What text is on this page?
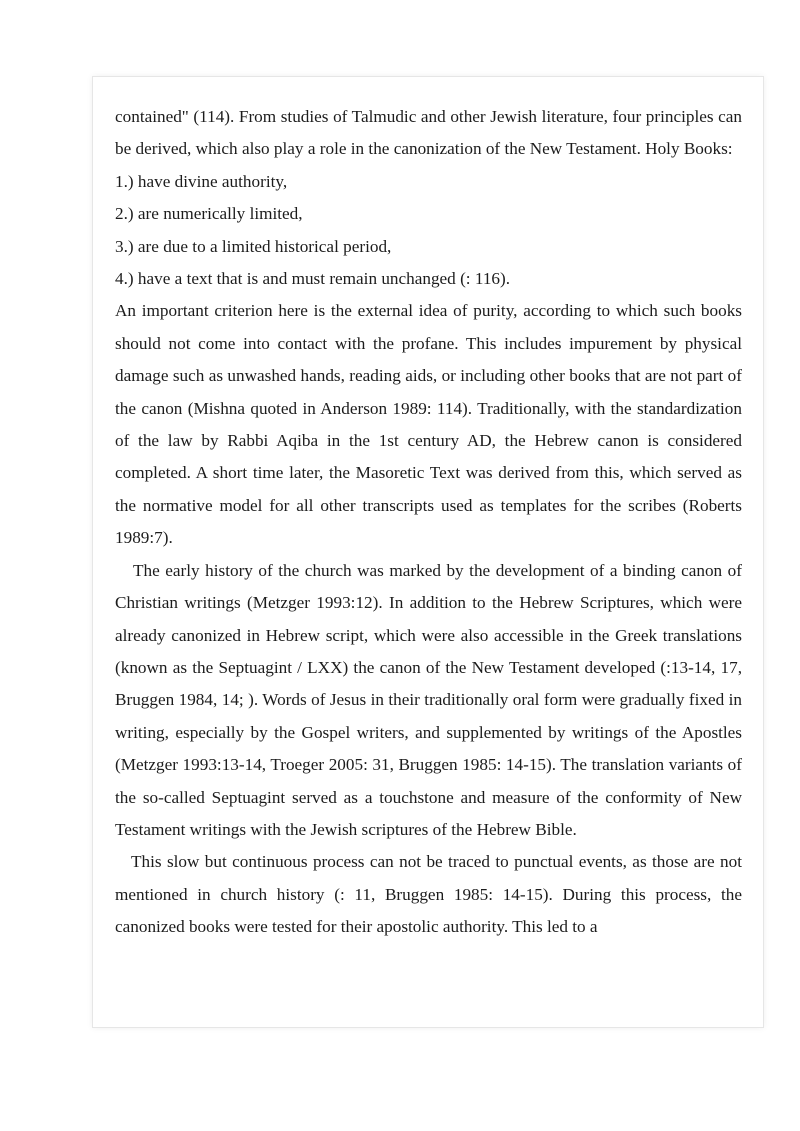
contained" (114). From studies of Talmudic and other Jewish literature, four principles can be derived, which also play a role in the canonization of the New Testament. Holy Books:

1.) have divine authority,

2.) are numerically limited,

3.) are due to a limited historical period,

4.) have a text that is and must remain unchanged (: 116).

An important criterion here is the external idea of purity, according to which such books should not come into contact with the profane. This includes impurement by physical damage such as unwashed hands, reading aids, or including other books that are not part of the canon (Mishna quoted in Anderson 1989: 114). Traditionally, with the standardization of the law by Rabbi Aqiba in the 1st century AD, the Hebrew canon is considered completed. A short time later, the Masoretic Text was derived from this, which served as the normative model for all other transcripts used as templates for the scribes (Roberts 1989:7).

The early history of the church was marked by the development of a binding canon of Christian writings (Metzger 1993:12). In addition to the Hebrew Scriptures, which were already canonized in Hebrew script, which were also accessible in the Greek translations (known as the Septuagint / LXX) the canon of the New Testament developed (:13-14, 17, Bruggen 1984, 14; ). Words of Jesus in their traditionally oral form were gradually fixed in writing, especially by the Gospel writers, and supplemented by writings of the Apostles (Metzger 1993:13-14, Troeger 2005: 31, Bruggen 1985: 14-15). The translation variants of the so-called Septuagint served as a touchstone and measure of the conformity of New Testament writings with the Jewish scriptures of the Hebrew Bible.

This slow but continuous process can not be traced to punctual events, as those are not mentioned in church history (: 11, Bruggen 1985: 14-15). During this process, the canonized books were tested for their apostolic authority. This led to a
